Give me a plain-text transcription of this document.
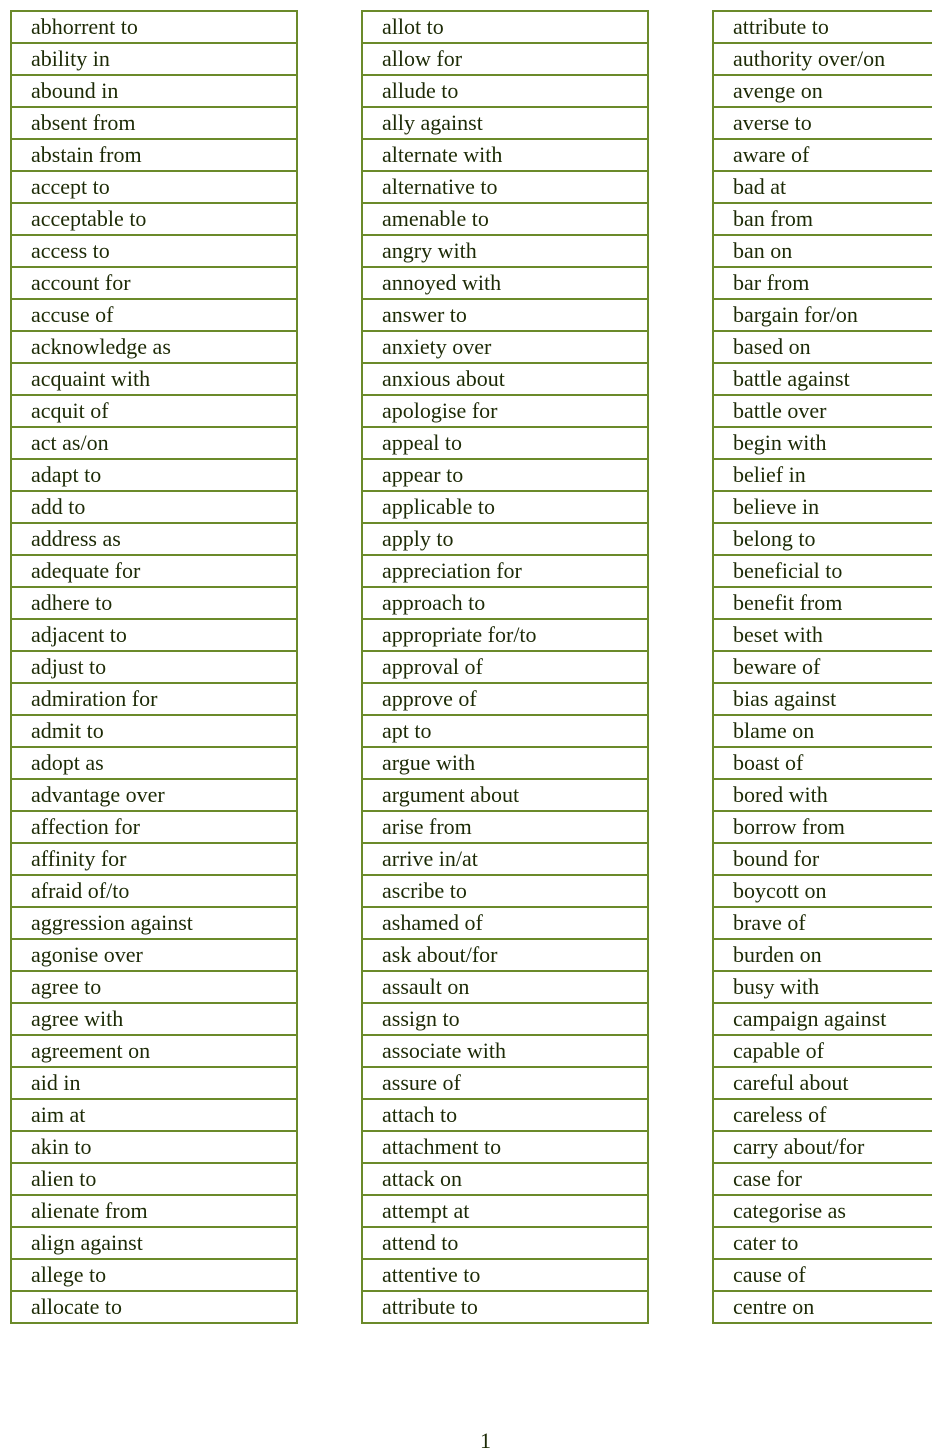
abhorrent to
ability in
abound in
absent from
abstain from
accept to
acceptable to
access to
account for
accuse of
acknowledge as
acquaint with
acquit of
act as/on
adapt to
add to
address as
adequate for
adhere to
adjacent to
adjust to
admiration for
admit to
adopt as
advantage over
affection for
affinity for
afraid of/to
aggression against
agonise over
agree to
agree with
agreement on
aid in
aim at
akin to
alien to
alienate from
align against
allege to
allocate to
allot to
allow for
allude to
ally against
alternate with
alternative to
amenable to
angry with
annoyed with
answer to
anxiety over
anxious about
apologise for
appeal to
appear to
applicable to
apply to
appreciation for
approach to
appropriate for/to
approval of
approve of
apt to
argue with
argument about
arise from
arrive in/at
ascribe to
ashamed of
ask about/for
assault on
assign to
associate with
assure of
attach to
attachment to
attack on
attempt at
attend to
attentive to
attribute to
attribute to
authority over/on
avenge on
averse to
aware of
bad at
ban from
ban on
bar from
bargain for/on
based on
battle against
battle over
begin with
belief in
believe in
belong to
beneficial to
benefit from
beset with
beware of
bias against
blame on
boast of
bored with
borrow from
bound for
boycott on
brave of
burden on
busy with
campaign against
capable of
careful about
careless of
carry about/for
case for
categorise as
cater to
cause of
centre on
1
